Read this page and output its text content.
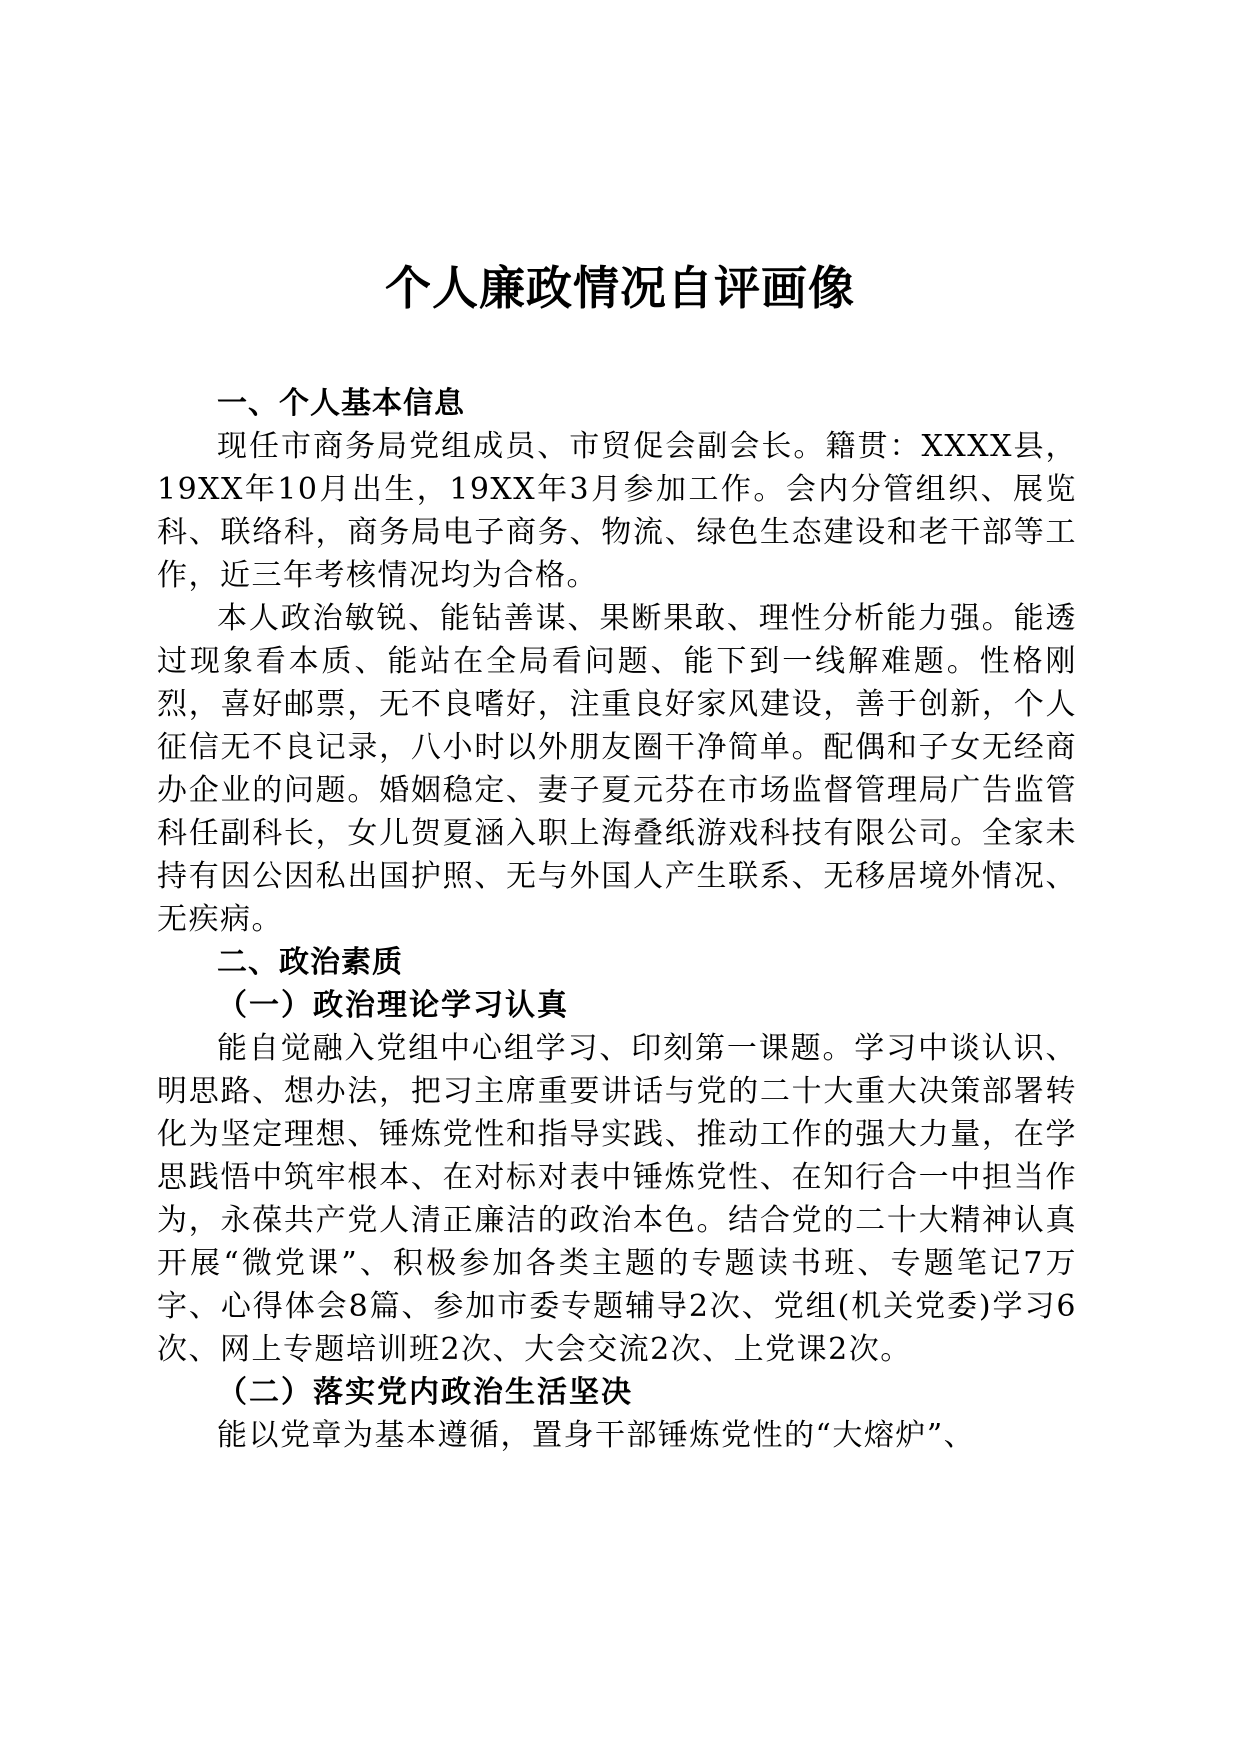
个人廉政情况自评画像
一、个人基本信息

现任市商务局党组成员、市贸促会副会长。籍贯：XXXX县，19XX年10月出生，19XX年3月参加工作。会内分管组织、展览科、联络科，商务局电子商务、物流、绿色生态建设和老干部等工作，近三年考核情况均为合格。

本人政治敏锐、能钻善谋、果断果敢、理性分析能力强。能透过现象看本质、能站在全局看问题、能下到一线解难题。性格刚烈，喜好邮票，无不良嗜好，注重良好家风建设，善于创新，个人征信无不良记录，八小时以外朋友圈干净简单。配偶和子女无经商办企业的问题。婚姻稳定、妻子夏元芬在市场监督管理局广告监管科任副科长，女儿贺夏涵入职上海叠纸游戏科技有限公司。全家未持有因公因私出国护照、无与外国人产生联系、无移居境外情况、无疾病。

二、政治素质
（一）政治理论学习认真

能自觉融入党组中心组学习、印刻第一课题。学习中谈认识、明思路、想办法，把习主席重要讲话与党的二十大重大决策部署转化为坚定理想、锤炼党性和指导实践、推动工作的强大力量，在学思践悟中筑牢根本、在对标对表中锤炼党性、在知行合一中担当作为，永葆共产党人清正廉洁的政治本色。结合党的二十大精神认真开展“微党课”、积极参加各类主题的专题读书班、专题笔记7万字、心得体会8篇、参加市委专题辅导2次、党组(机关党委)学习6次、网上专题培训班2次、大会交流2次、上党课2次。

（二）落实党内政治生活坚决

能以党章为基本遵循，置身干部锤炼党性的“大熔炉”、
